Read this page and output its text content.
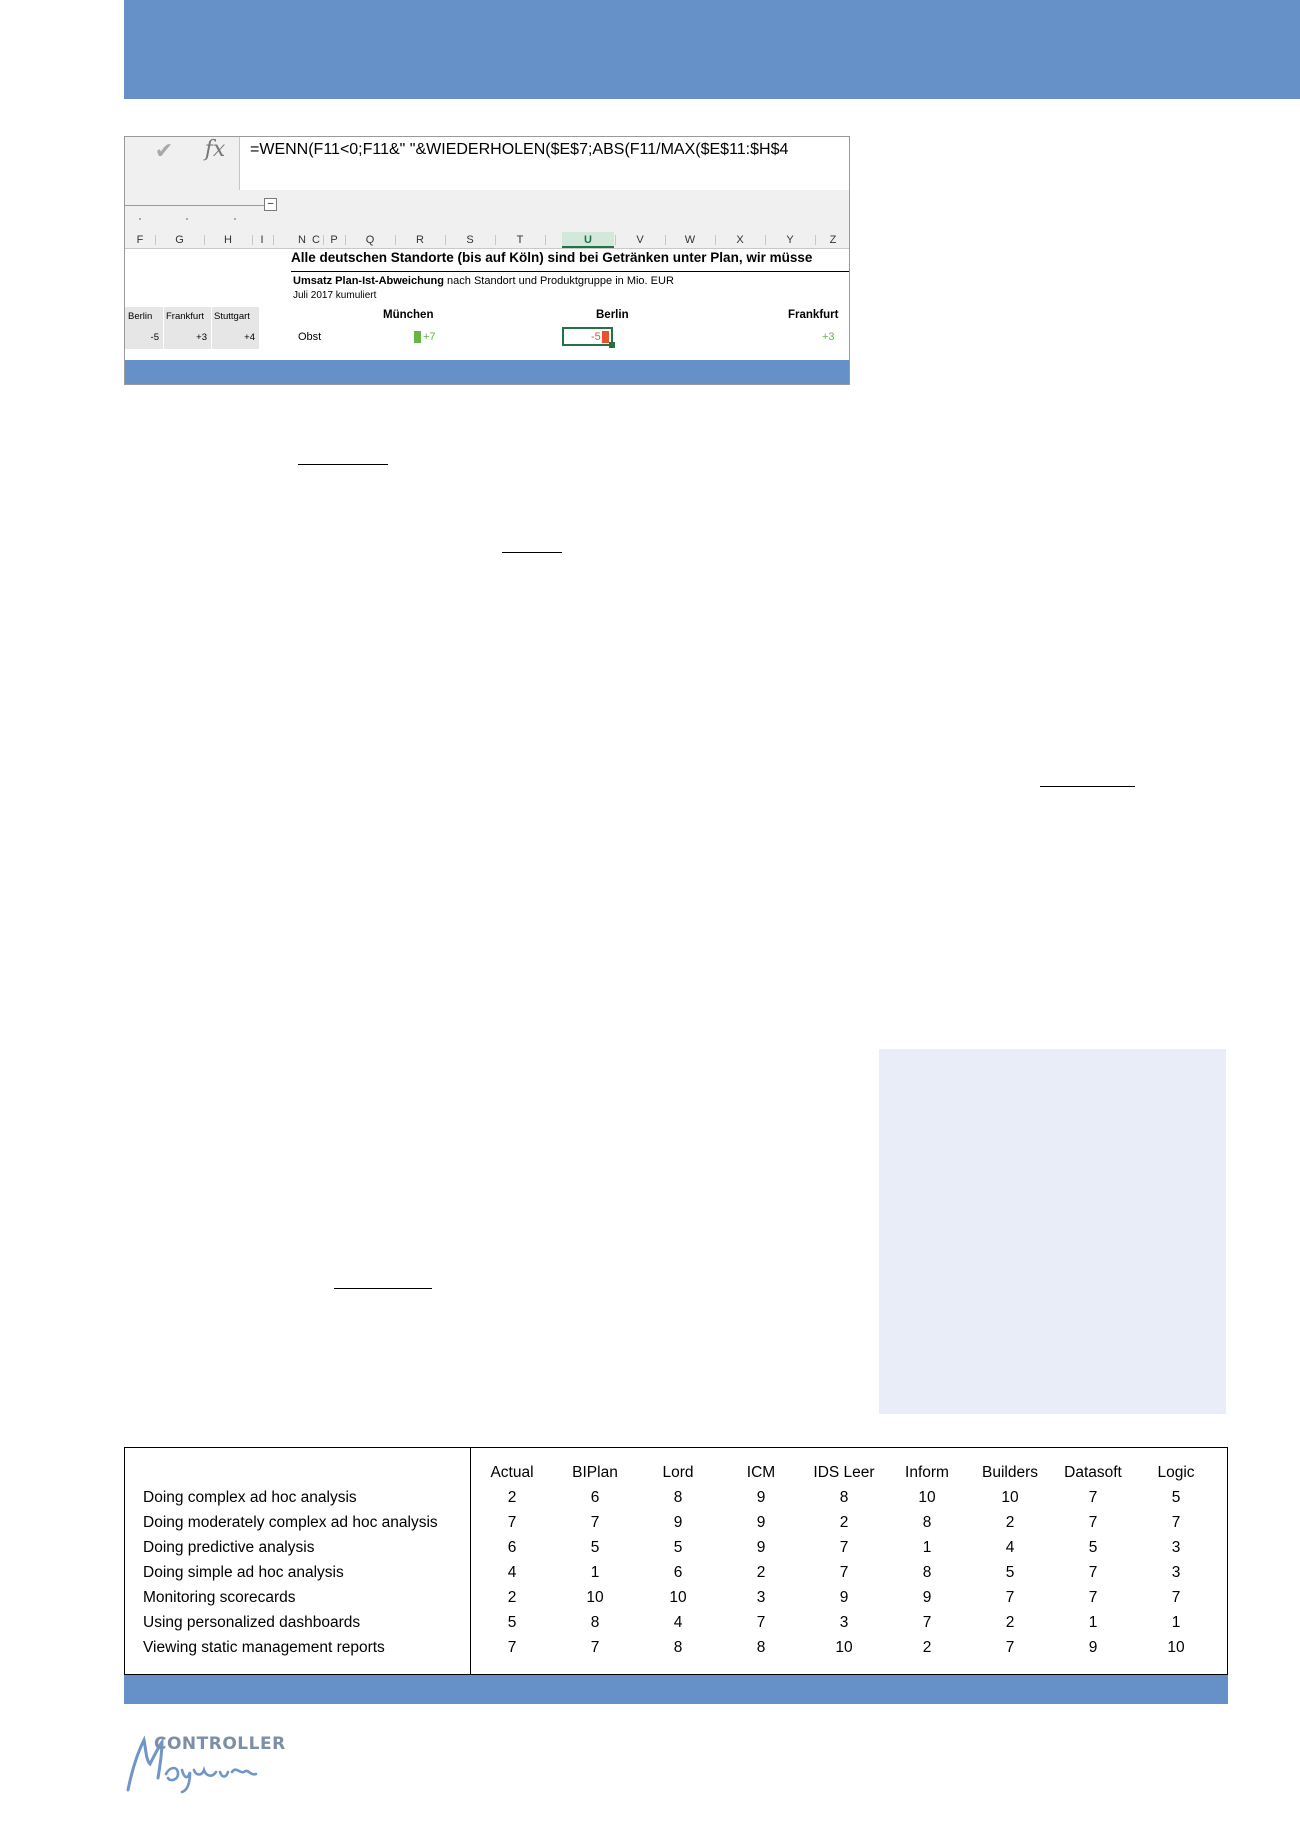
✔	fx	=WENN(F11<0;F11&" "&WIEDERHOLEN($E$7;ABS(F11/MAX($E$11:$H$4
–
F	G	H	I	N C P	Q	R	S	T	U	V	W	X	Y	Z
Alle deutschen Standorte (bis auf Köln) sind bei Getränken unter Plan, wir müsse
Umsatz Plan-Ist-Abweichung nach Standort und Produktgruppe in Mio. EUR
Juli 2017 kumuliert
München	Berlin	Frankfurt
Obst	+7	-5	+3
Berlin Frankfurt Stuttgart
-5	+3	+4
Actual	BIPlan	Lord	ICM	IDS Leer	Inform	Builders	Datasoft	Logic
Doing complex ad hoc analysis	2	6	8	9	8	10	10	7	5
Doing moderately complex ad hoc analysis	7	7	9	9	2	8	2	7	7
Doing predictive analysis	6	5	5	9	7	1	4	5	3
Doing simple ad hoc analysis	4	1	6	2	7	8	5	7	3
Monitoring scorecards	2	10	10	3	9	9	7	7	7
Using personalized dashboards	5	8	4	7	3	7	2	1	1
Viewing static management reports	7	7	8	8	10	2	7	9	10
CONTROLLER
